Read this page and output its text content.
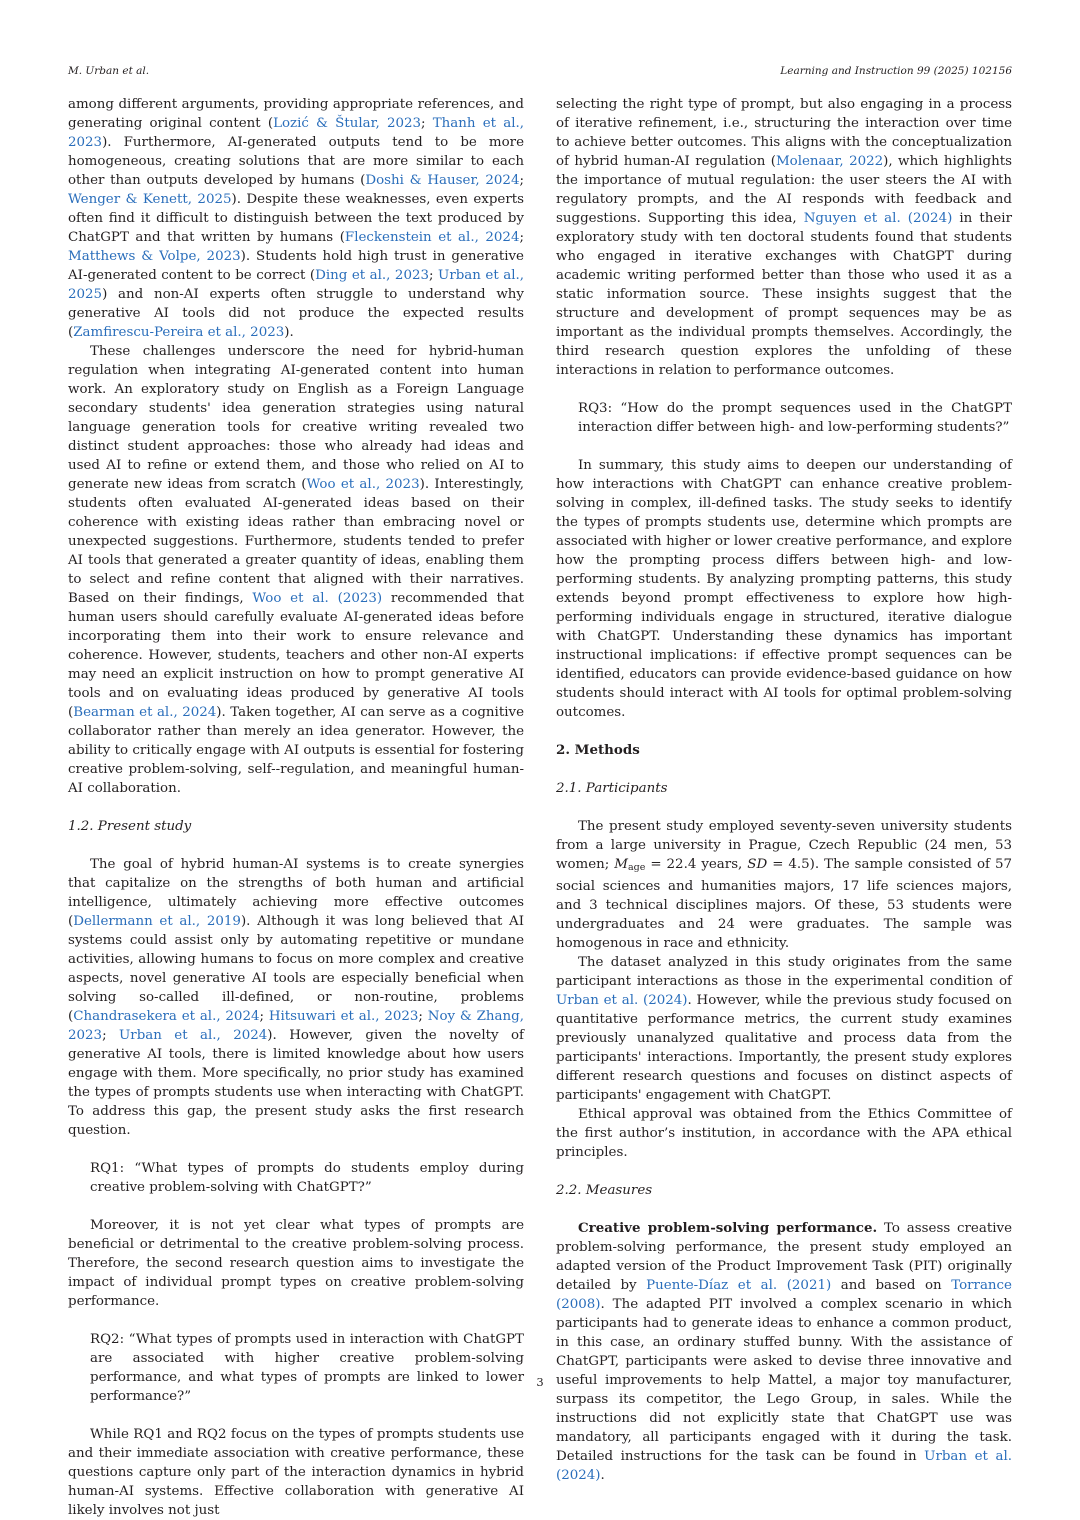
M. Urban et al.	Learning and Instruction 99 (2025) 102156

among different arguments, providing appropriate references, and generating original content (Lozić & Štular, 2023; Thanh et al., 2023). Furthermore, AI-generated outputs tend to be more homogeneous, creating solutions that are more similar to each other than outputs developed by humans (Doshi & Hauser, 2024; Wenger & Kenett, 2025). Despite these weaknesses, even experts often find it difficult to distinguish between the text produced by ChatGPT and that written by humans (Fleckenstein et al., 2024; Matthews & Volpe, 2023). Students hold high trust in generative AI-generated content to be correct (Ding et al., 2023; Urban et al., 2025) and non-AI experts often struggle to understand why generative AI tools did not produce the expected results (Zamfirescu-Pereira et al., 2023).

These challenges underscore the need for hybrid-human regulation when integrating AI-generated content into human work. An exploratory study on English as a Foreign Language secondary students' idea generation strategies using natural language generation tools for creative writing revealed two distinct student approaches: those who already had ideas and used AI to refine or extend them, and those who relied on AI to generate new ideas from scratch (Woo et al., 2023). Interestingly, students often evaluated AI-generated ideas based on their coherence with existing ideas rather than embracing novel or unexpected suggestions. Furthermore, students tended to prefer AI tools that generated a greater quantity of ideas, enabling them to select and refine content that aligned with their narratives. Based on their findings, Woo et al. (2023) recommended that human users should carefully evaluate AI-generated ideas before incorporating them into their work to ensure relevance and coherence. However, students, teachers and other non-AI experts may need an explicit instruction on how to prompt generative AI tools and on evaluating ideas produced by generative AI tools (Bearman et al., 2024). Taken together, AI can serve as a cognitive collaborator rather than merely an idea generator. However, the ability to critically engage with AI outputs is essential for fostering creative problem-solving, self--regulation, and meaningful human-AI collaboration.

1.2. Present study

The goal of hybrid human-AI systems is to create synergies that capitalize on the strengths of both human and artificial intelligence, ultimately achieving more effective outcomes (Dellermann et al., 2019). Although it was long believed that AI systems could assist only by automating repetitive or mundane activities, allowing humans to focus on more complex and creative aspects, novel generative AI tools are especially beneficial when solving so-called ill-defined, or non-routine, problems (Chandrasekera et al., 2024; Hitsuwari et al., 2023; Noy & Zhang, 2023; Urban et al., 2024). However, given the novelty of generative AI tools, there is limited knowledge about how users engage with them. More specifically, no prior study has examined the types of prompts students use when interacting with ChatGPT. To address this gap, the present study asks the first research question.

RQ1: “What types of prompts do students employ during creative problem-solving with ChatGPT?”

Moreover, it is not yet clear what types of prompts are beneficial or detrimental to the creative problem-solving process. Therefore, the second research question aims to investigate the impact of individual prompt types on creative problem-solving performance.

RQ2: “What types of prompts used in interaction with ChatGPT are associated with higher creative problem-solving performance, and what types of prompts are linked to lower performance?”

While RQ1 and RQ2 focus on the types of prompts students use and their immediate association with creative performance, these questions capture only part of the interaction dynamics in hybrid human-AI systems. Effective collaboration with generative AI likely involves not just

selecting the right type of prompt, but also engaging in a process of iterative refinement, i.e., structuring the interaction over time to achieve better outcomes. This aligns with the conceptualization of hybrid human-AI regulation (Molenaar, 2022), which highlights the importance of mutual regulation: the user steers the AI with regulatory prompts, and the AI responds with feedback and suggestions. Supporting this idea, Nguyen et al. (2024) in their exploratory study with ten doctoral students found that students who engaged in iterative exchanges with ChatGPT during academic writing performed better than those who used it as a static information source. These insights suggest that the structure and development of prompt sequences may be as important as the individual prompts themselves. Accordingly, the third research question explores the unfolding of these interactions in relation to performance outcomes.

RQ3: “How do the prompt sequences used in the ChatGPT interaction differ between high- and low-performing students?”

In summary, this study aims to deepen our understanding of how interactions with ChatGPT can enhance creative problem-solving in complex, ill-defined tasks. The study seeks to identify the types of prompts students use, determine which prompts are associated with higher or lower creative performance, and explore how the prompting process differs between high- and low-performing students. By analyzing prompting patterns, this study extends beyond prompt effectiveness to explore how high-performing individuals engage in structured, iterative dialogue with ChatGPT. Understanding these dynamics has important instructional implications: if effective prompt sequences can be identified, educators can provide evidence-based guidance on how students should interact with AI tools for optimal problem-solving outcomes.

2. Methods

2.1. Participants

The present study employed seventy-seven university students from a large university in Prague, Czech Republic (24 men, 53 women; $M_{age} = 22.4$ years, SD = 4.5). The sample consisted of 57 social sciences and humanities majors, 17 life sciences majors, and 3 technical disciplines majors. Of these, 53 students were undergraduates and 24 were graduates. The sample was homogenous in race and ethnicity.

The dataset analyzed in this study originates from the same participant interactions as those in the experimental condition of Urban et al. (2024). However, while the previous study focused on quantitative performance metrics, the current study examines previously unanalyzed qualitative and process data from the participants' interactions. Importantly, the present study explores different research questions and focuses on distinct aspects of participants' engagement with ChatGPT.

Ethical approval was obtained from the Ethics Committee of the first author’s institution, in accordance with the APA ethical principles.

2.2. Measures

Creative problem-solving performance. To assess creative problem-solving performance, the present study employed an adapted version of the Product Improvement Task (PIT) originally detailed by Puente-Díaz et al. (2021) and based on Torrance (2008). The adapted PIT involved a complex scenario in which participants had to generate ideas to enhance a common product, in this case, an ordinary stuffed bunny. With the assistance of ChatGPT, participants were asked to devise three innovative and useful improvements to help Mattel, a major toy manufacturer, surpass its competitor, the Lego Group, in sales. While the instructions did not explicitly state that ChatGPT use was mandatory, all participants engaged with it during the task. Detailed instructions for the task can be found in Urban et al. (2024).

3
